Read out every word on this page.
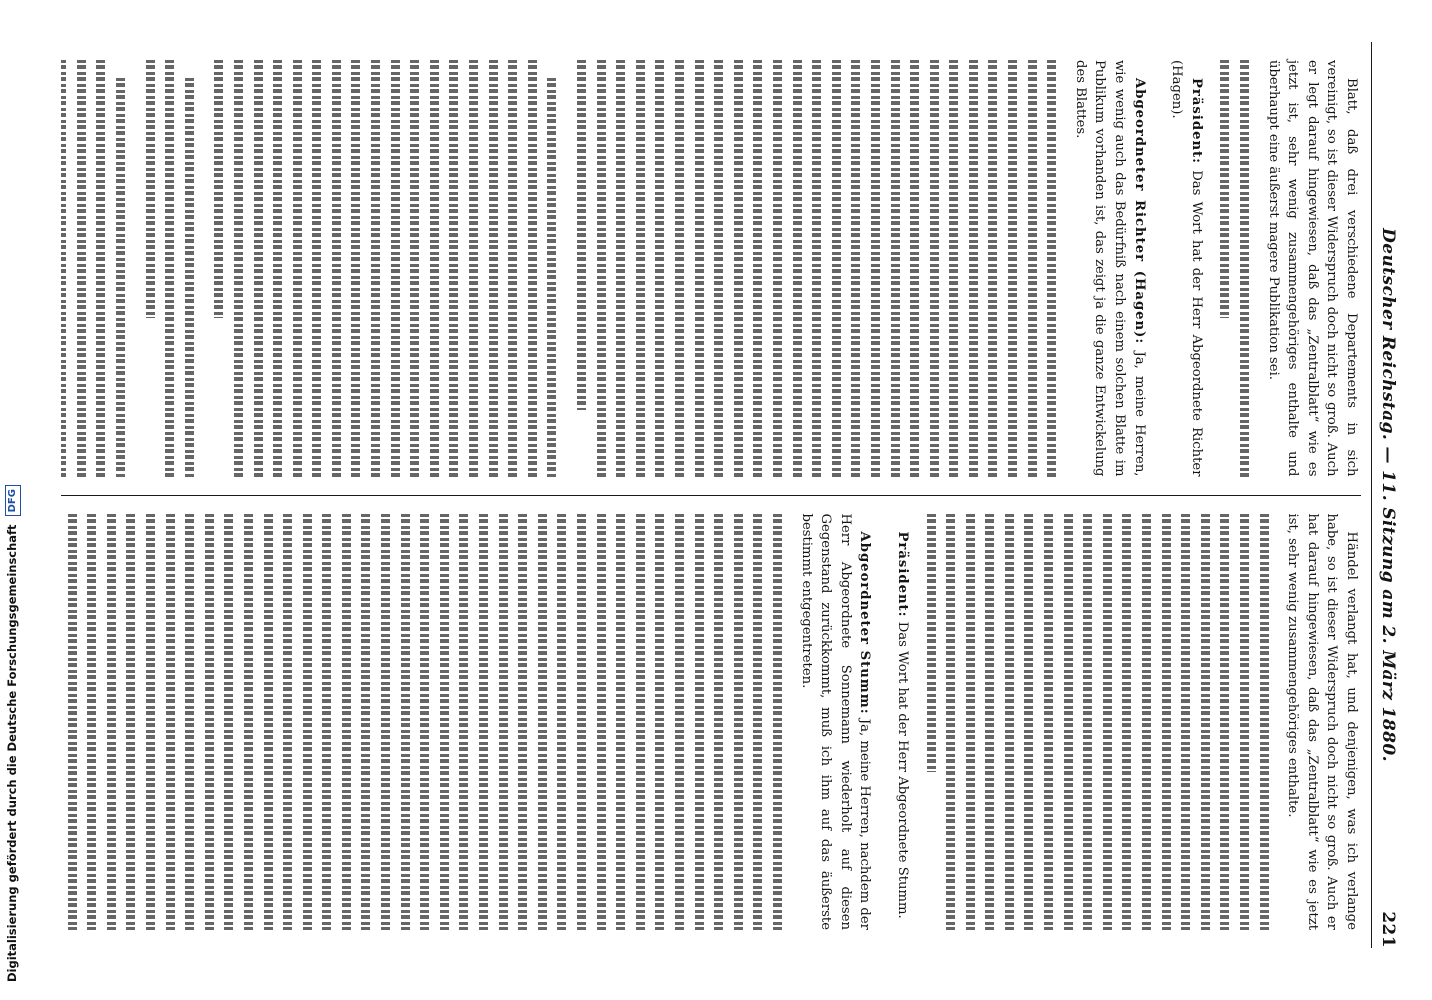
Deutscher Reichstag. — 11. Sitzung am 2. März 1880.
221

Blatt, daß drei verschiedene Departements in sich vereinigt, so ist dieser Widerspruch doch nicht so groß. Auch er legt darauf hingewiesen, daß das „Zentralblatt“ wie es jetzt ist, sehr wenig zusammengehöriges enthalte und überhaupt eine äußerst magere Publikation sei.

Präsident: Das Wort hat der Herr Abgeordnete Richter (Hagen).

Abgeordneter Richter (Hagen): Ja, meine Herren, wie wenig auch das Bedürfniß nach einem solchen Blatte im Publikum vorhanden ist, das zeigt ja die ganze Entwickelung des Blattes.

Händel verlangt hat, und denjenigen, was ich verlange habe, so ist dieser Widerspruch doch nicht so groß. Auch er hat darauf hingewiesen, daß das „Zentralblatt“ wie es jetzt ist, sehr wenig zusammengehöriges enthalte.

Präsident: Das Wort hat der Herr Abgeordnete Stumm.

Abgeordneter Stumm: Ja, meine Herren, nachdem der Herr Abgeordnete Sonnemann wiederholt auf diesen Gegenstand zurückkommt, muß ich ihm auf das äußerste bestimmt entgegentreten.

Digitalisierung gefördert durch die Deutsche Forschungsgemeinschaft DFG
